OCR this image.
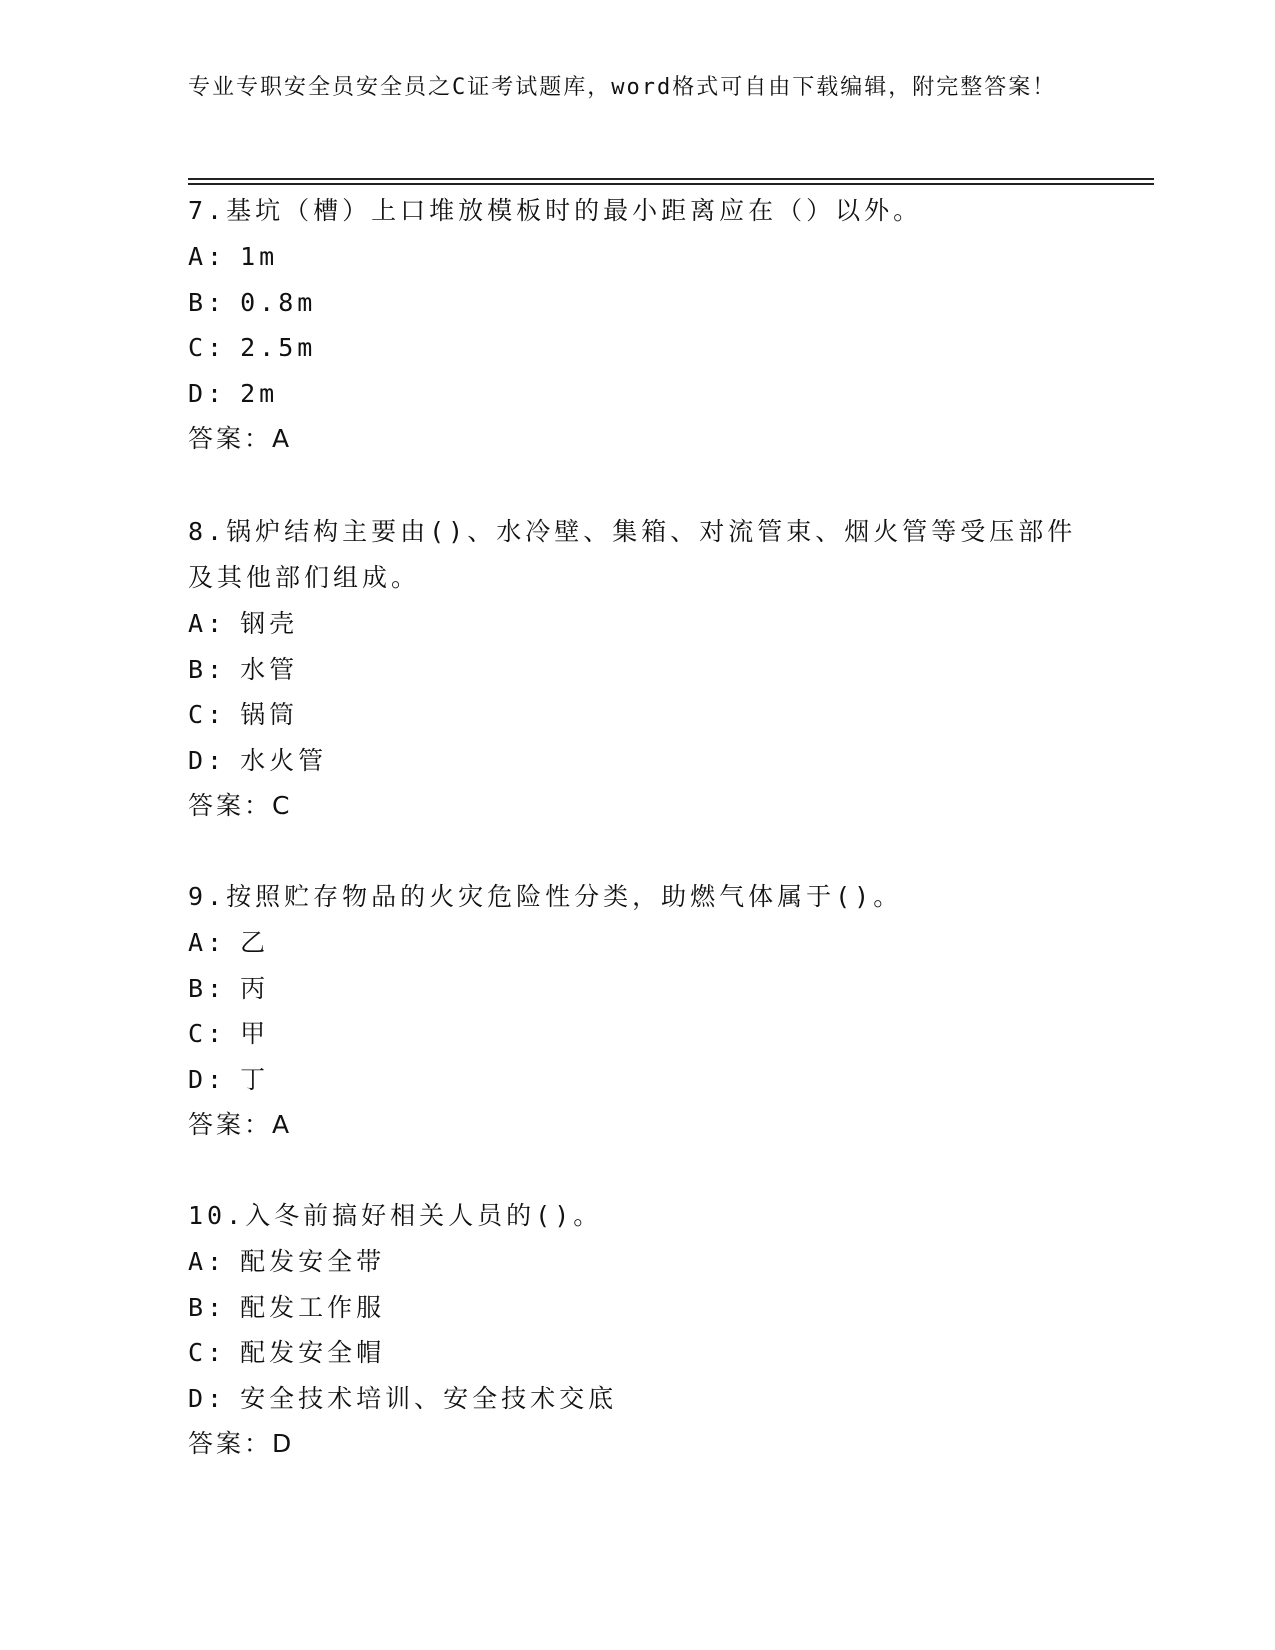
专业专职安全员安全员之C证考试题库，word格式可自由下载编辑，附完整答案！

7.基坑（槽）上口堆放模板时的最小距离应在（）以外。

A: 1m

B: 0.8m

C: 2.5m

D: 2m

答案：A

8.锅炉结构主要由()、水冷壁、集箱、对流管束、烟火管等受压部件及其他部们组成。

A: 钢壳

B: 水管

C: 锅筒

D: 水火管

答案：C

9.按照贮存物品的火灾危险性分类，助燃气体属于()。

A: 乙

B: 丙

C: 甲

D: 丁

答案：A

10.入冬前搞好相关人员的()。

A: 配发安全带

B: 配发工作服

C: 配发安全帽

D: 安全技术培训、安全技术交底

答案：D
